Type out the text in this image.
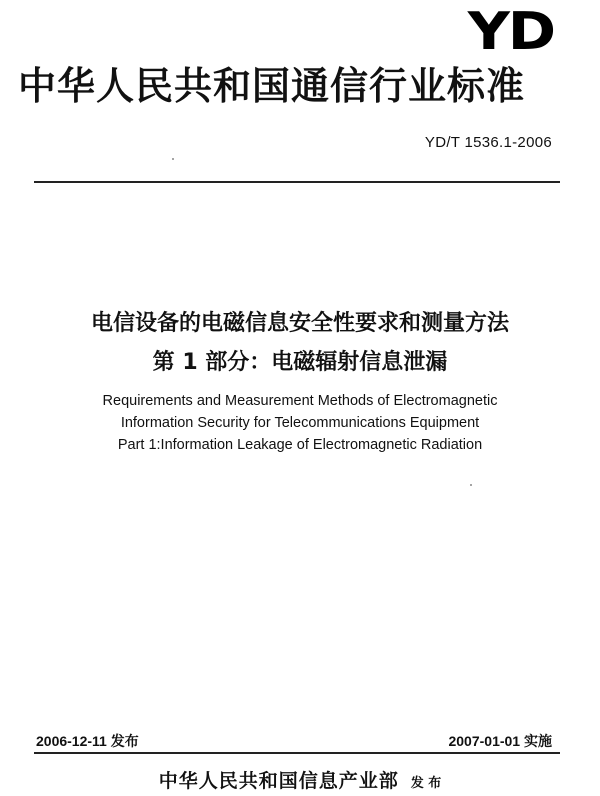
YD
中华人民共和国通信行业标准
YD/T 1536.1-2006
电信设备的电磁信息安全性要求和测量方法
第 1 部分：电磁辐射信息泄漏
Requirements and Measurement Methods of Electromagnetic
Information Security for Telecommunications Equipment
Part 1:Information Leakage of Electromagnetic Radiation
2006-12-11 发布	2007-01-01 实施
中华人民共和国信息产业部 发 布
